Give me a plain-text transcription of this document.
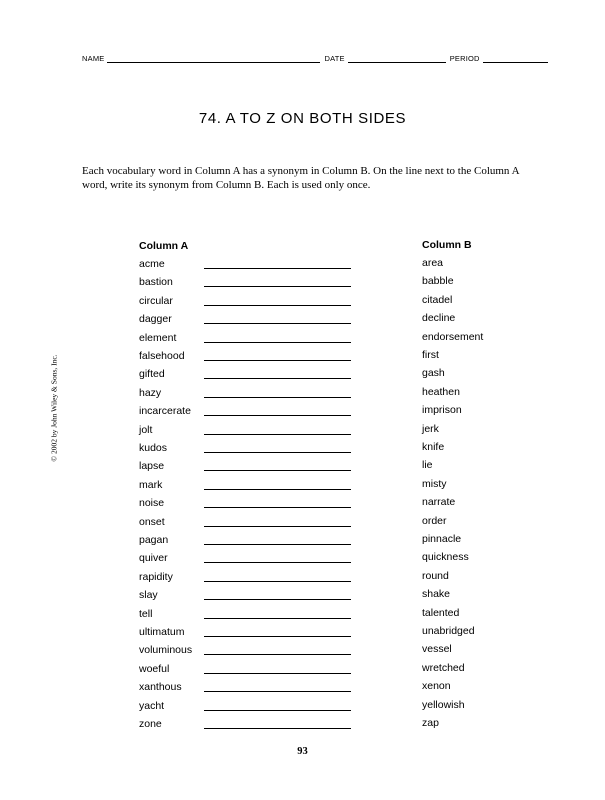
NAME	DATE	PERIOD
74. A TO Z ON BOTH SIDES

Each vocabulary word in Column A has a synonym in Column B. On the line next to the Column A word, write its synonym from Column B. Each is used only once.

© 2002 by John Wiley & Sons, Inc.
Column A	Column B
acme	area
bastion	babble
circular	citadel
dagger	decline
element	endorsement
falsehood	first
gifted	gash
hazy	heathen
incarcerate	imprison
jolt	jerk
kudos	knife
lapse	lie
mark	misty
noise	narrate
onset	order
pagan	pinnacle
quiver	quickness
rapidity	round
slay	shake
tell	talented
ultimatum	unabridged
voluminous	vessel
woeful	wretched
xanthous	xenon
yacht	yellowish
zone	zap
93
